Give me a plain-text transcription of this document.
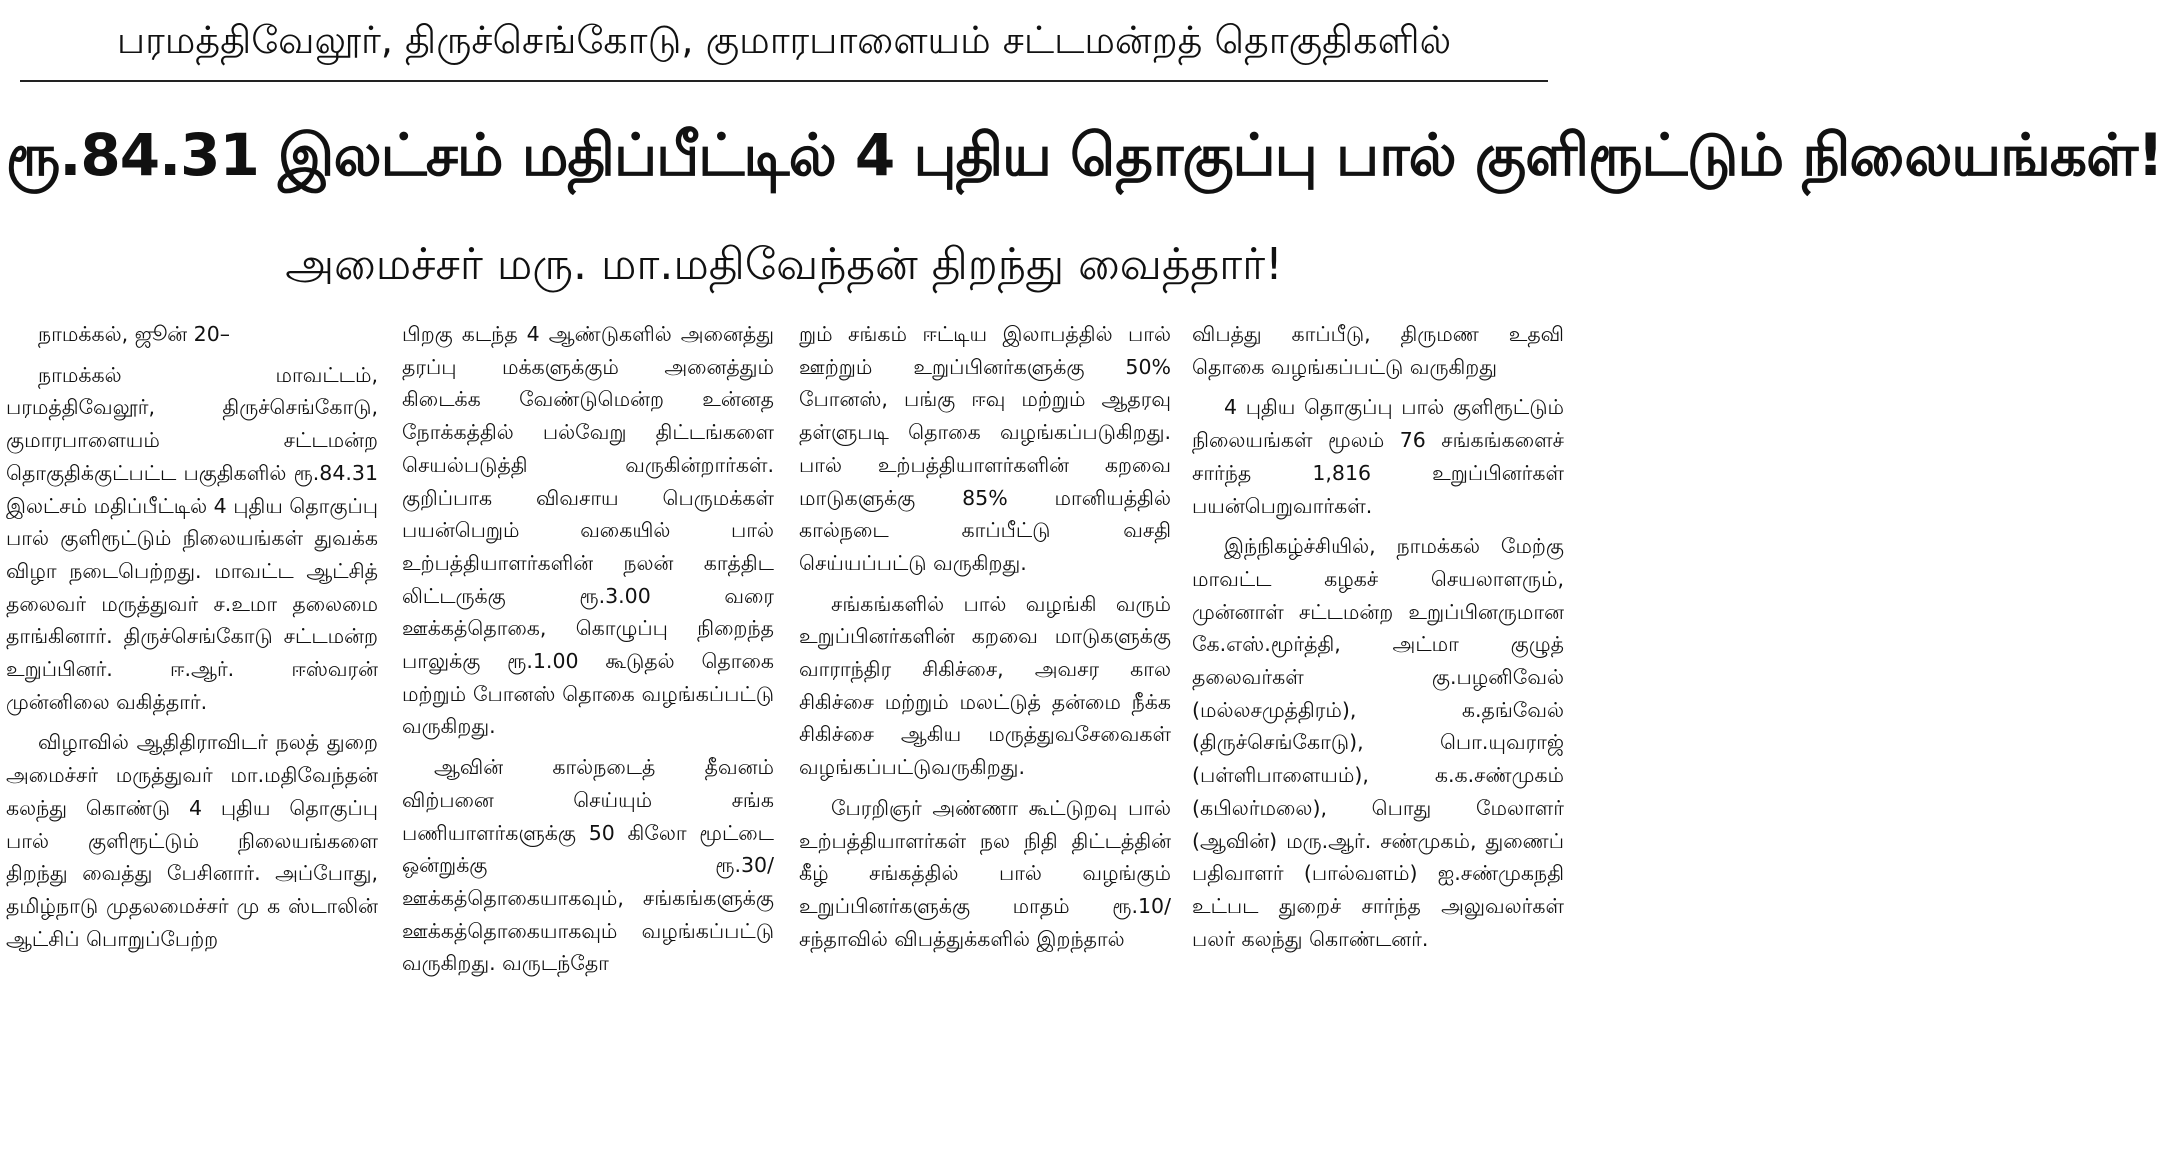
பரமத்திவேலூர், திருச்செங்கோடு, குமாரபாளையம் சட்டமன்றத் தொகுதிகளில்
ரூ.84.31 இலட்சம் மதிப்பீட்டில் 4 புதிய தொகுப்பு பால் குளிரூட்டும் நிலையங்கள்!
அமைச்சர் மரு. மா.மதிவேந்தன் திறந்து வைத்தார்!

நாமக்கல், ஜூன் 20–

நாமக்கல் மாவட்டம், பரமத்திவேலூர், திருச்செங்கோடு, குமாரபாளையம் சட்டமன்ற தொகுதிக்குட்பட்ட பகுதிகளில் ரூ.84.31 இலட்சம் மதிப்பீட்டில் 4 புதிய தொகுப்பு பால் குளிரூட்டும் நிலையங்கள் துவக்க விழா நடைபெற்றது. மாவட்ட ஆட்சித் தலைவர் மருத்துவர் ச.உமா தலைமை தாங்கினார். திருச்செங்கோடு சட்டமன்ற உறுப்பினர். ஈ.ஆர். ஈஸ்வரன் முன்னிலை வகித்தார்.

விழாவில் ஆதிதிராவிடர் நலத் துறை அமைச்சர் மருத்துவர் மா.மதிவேந்தன் கலந்து கொண்டு 4 புதிய தொகுப்பு பால் குளிரூட்டும் நிலையங்களை திறந்து வைத்து பேசினார். அப்போது, தமிழ்நாடு முதலமைச்சர் மு க ஸ்டாலின் ஆட்சிப் பொறுப்பேற்ற

பிறகு கடந்த 4 ஆண்டுகளில் அனைத்து தரப்பு மக்களுக்கும் அனைத்தும் கிடைக்க வேண்டுமென்ற உன்னத நோக்கத்தில் பல்வேறு திட்டங்களை செயல்படுத்தி வருகின்றார்கள். குறிப்பாக விவசாய பெருமக்கள் பயன்பெறும் வகையில் பால் உற்பத்தியாளர்களின் நலன் காத்திட லிட்டருக்கு ரூ.3.00 வரை ஊக்கத்தொகை, கொழுப்பு நிறைந்த பாலுக்கு ரூ.1.00 கூடுதல் தொகை மற்றும் போனஸ் தொகை வழங்கப்பட்டு வருகிறது.

ஆவின் கால்நடைத் தீவனம் விற்பனை செய்யும் சங்க பணியாளர்களுக்கு 50 கிலோ மூட்டை ஒன்றுக்கு ரூ.30/ ஊக்கத்தொகையாகவும், சங்கங்களுக்கு ஊக்கத்தொகையாகவும் வழங்கப்பட்டு வருகிறது. வருடந்தோ

றும் சங்கம் ஈட்டிய இலாபத்தில் பால் ஊற்றும் உறுப்பினர்களுக்கு 50% போனஸ், பங்கு ஈவு மற்றும் ஆதரவு தள்ளுபடி தொகை வழங்கப்படுகிறது. பால் உற்பத்தியாளர்களின் கறவை மாடுகளுக்கு 85% மானியத்தில் கால்நடை காப்பீட்டு வசதி செய்யப்பட்டு வருகிறது.

சங்கங்களில் பால் வழங்கி வரும் உறுப்பினர்களின் கறவை மாடுகளுக்கு வாராந்திர சிகிச்சை, அவசர கால சிகிச்சை மற்றும் மலட்டுத் தன்மை நீக்க சிகிச்சை ஆகிய மருத்துவசேவைகள் வழங்கப்பட்டுவருகிறது.

பேரறிஞர் அண்ணா கூட்டுறவு பால் உற்பத்தியாளர்கள் நல நிதி திட்டத்தின் கீழ் சங்கத்தில் பால் வழங்கும் உறுப்பினர்களுக்கு மாதம் ரூ.10/ சந்தாவில் விபத்துக்களில் இறந்தால்

விபத்து காப்பீடு, திருமண உதவி தொகை வழங்கப்பட்டு வருகிறது

4 புதிய தொகுப்பு பால் குளிரூட்டும் நிலையங்கள் மூலம் 76 சங்கங்களைச் சார்ந்த 1,816 உறுப்பினர்கள் பயன்பெறுவார்கள்.

இந்நிகழ்ச்சியில், நாமக்கல் மேற்கு மாவட்ட கழகச் செயலாளரும், முன்னாள் சட்டமன்ற உறுப்பினருமான கே.எஸ்.மூர்த்தி, அட்மா குழுத் தலைவர்கள் கு.பழனிவேல் (மல்லசமுத்திரம்), க.தங்வேல் (திருச்செங்கோடு), பொ.யுவராஜ் (பள்ளிபாளையம்), க.க.சண்முகம் (கபிலர்மலை), பொது மேலாளர் (ஆவின்) மரு.ஆர். சண்முகம், துணைப் பதிவாளர் (பால்வளம்) ஐ.சண்முகநதி உட்பட துறைச் சார்ந்த அலுவலர்கள் பலர் கலந்து கொண்டனர்.
